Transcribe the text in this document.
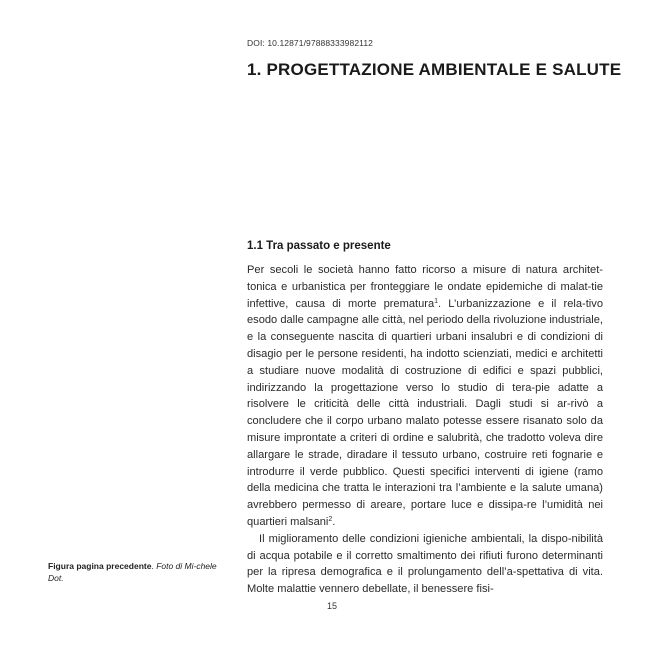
DOI: 10.12871/97888333982112
1. PROGETTAZIONE AMBIENTALE E SALUTE
1.1 Tra passato e presente

Per secoli le società hanno fatto ricorso a misure di natura architet-tonica e urbanistica per fronteggiare le ondate epidemiche di malat-tie infettive, causa di morte prematura$^1$. L’urbanizzazione e il rela-tivo esodo dalle campagne alle città, nel periodo della rivoluzione industriale, e la conseguente nascita di quartieri urbani insalubri e di condizioni di disagio per le persone residenti, ha indotto scienziati, medici e architetti a studiare nuove modalità di costruzione di edifici e spazi pubblici, indirizzando la progettazione verso lo studio di tera-pie adatte a risolvere le criticità delle città industriali. Dagli studi si ar-rivò a concludere che il corpo urbano malato potesse essere risanato solo da misure improntate a criteri di ordine e salubrità, che tradotto voleva dire allargare le strade, diradare il tessuto urbano, costruire reti fognarie e introdurre il verde pubblico. Questi specifici interventi di igiene (ramo della medicina che tratta le interazioni tra l’ambiente e la salute umana) avrebbero permesso di areare, portare luce e dissipa-re l’umidità nei quartieri malsani$^2$.

Il miglioramento delle condizioni igieniche ambientali, la dispo-nibilità di acqua potabile e il corretto smaltimento dei rifiuti furono determinanti per la ripresa demografica e il prolungamento dell’a-spettativa di vita. Molte malattie vennero debellate, il benessere fisi-

Figura pagina precedente. Foto di Mi-chele Dot.
15
